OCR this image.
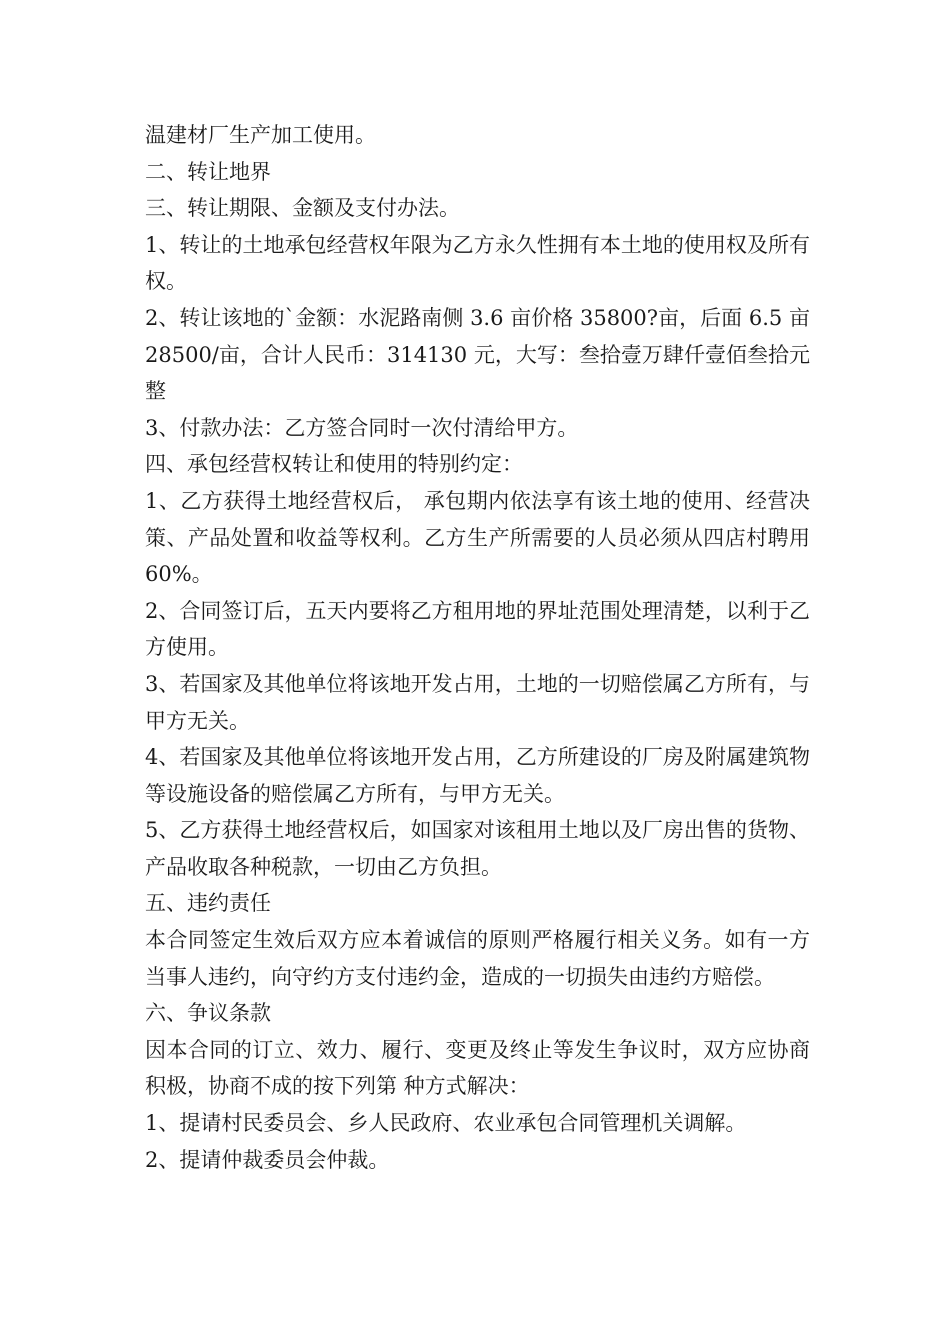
温建材厂生产加工使用。

二、转让地界

三、转让期限、金额及支付办法。

1、转让的土地承包经营权年限为乙方永久性拥有本土地的使用权及所有权。

2、转让该地的`金额：水泥路南侧 3.6 亩价格 35800?亩，后面 6.5 亩 28500/亩，合计人民币：314130 元，大写：叁拾壹万肆仟壹佰叁拾元整

3、付款办法：乙方签合同时一次付清给甲方。

四、承包经营权转让和使用的特别约定：

1、乙方获得土地经营权后， 承包期内依法享有该土地的使用、经营决策、产品处置和收益等权利。乙方生产所需要的人员必须从四店村聘用 60%。

2、合同签订后，五天内要将乙方租用地的界址范围处理清楚，以利于乙方使用。

3、若国家及其他单位将该地开发占用，土地的一切赔偿属乙方所有，与甲方无关。

4、若国家及其他单位将该地开发占用，乙方所建设的厂房及附属建筑物等设施设备的赔偿属乙方所有，与甲方无关。

5、乙方获得土地经营权后，如国家对该租用土地以及厂房出售的货物、产品收取各种税款，一切由乙方负担。

五、违约责任

本合同签定生效后双方应本着诚信的原则严格履行相关义务。如有一方当事人违约，向守约方支付违约金，造成的一切损失由违约方赔偿。

六、争议条款

因本合同的订立、效力、履行、变更及终止等发生争议时，双方应协商积极，协商不成的按下列第 种方式解决：

1、提请村民委员会、乡人民政府、农业承包合同管理机关调解。

2、提请仲裁委员会仲裁。
